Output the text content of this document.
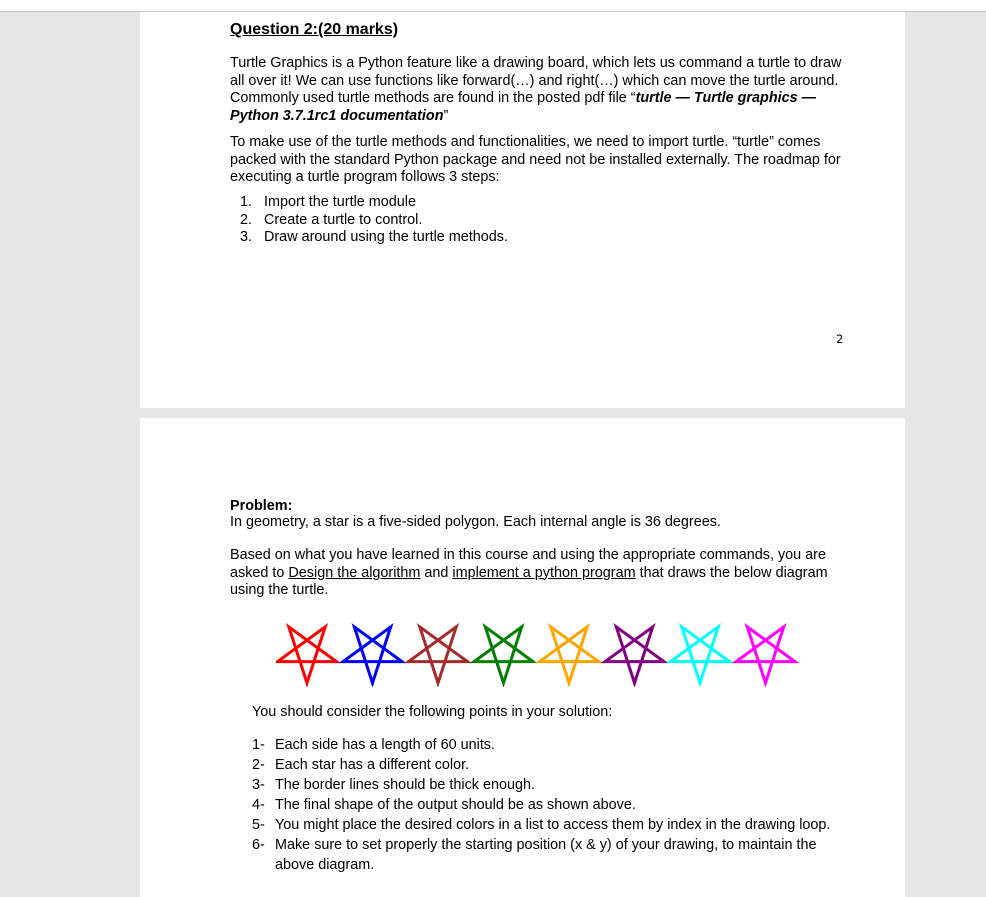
Question 2:(20 marks)

Turtle Graphics is a Python feature like a drawing board, which lets us command a turtle to draw all over it! We can use functions like forward(…) and right(…) which can move the turtle around. Commonly used turtle methods are found in the posted pdf file “turtle — Turtle graphics — Python 3.7.1rc1 documentation”

To make use of the turtle methods and functionalities, we need to import turtle. “turtle” comes packed with the standard Python package and need not be installed externally. The roadmap for executing a turtle program follows 3 steps:

1. Import the turtle module
2. Create a turtle to control.
3. Draw around using the turtle methods.
2
Problem:

In geometry, a star is a five-sided polygon. Each internal angle is 36 degrees.

Based on what you have learned in this course and using the appropriate commands, you are asked to Design the algorithm and implement a python program that draws the below diagram using the turtle.

You should consider the following points in your solution:
1- Each side has a length of 60 units.
2- Each star has a different color.
3- The border lines should be thick enough.
4- The final shape of the output should be as shown above.
5- You might place the desired colors in a list to access them by index in the drawing loop.
6- Make sure to set properly the starting position (x & y) of your drawing, to maintain the above diagram.
